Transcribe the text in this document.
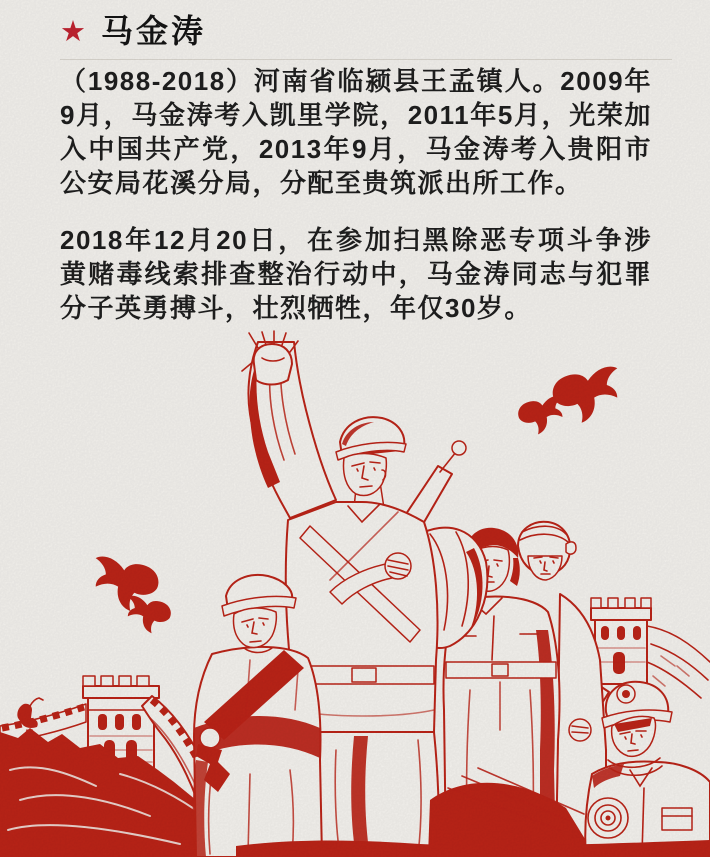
★ 马金涛

（1988-2018）河南省临颍县王孟镇人。2009年9月，马金涛考入凯里学院，2011年5月，光荣加入中国共产党，2013年9月，马金涛考入贵阳市公安局花溪分局，分配至贵筑派出所工作。

2018年12月20日，在参加扫黑除恶专项斗争涉黄赌毒线索排查整治行动中，马金涛同志与犯罪分子英勇搏斗，壮烈牺牲，年仅30岁。
